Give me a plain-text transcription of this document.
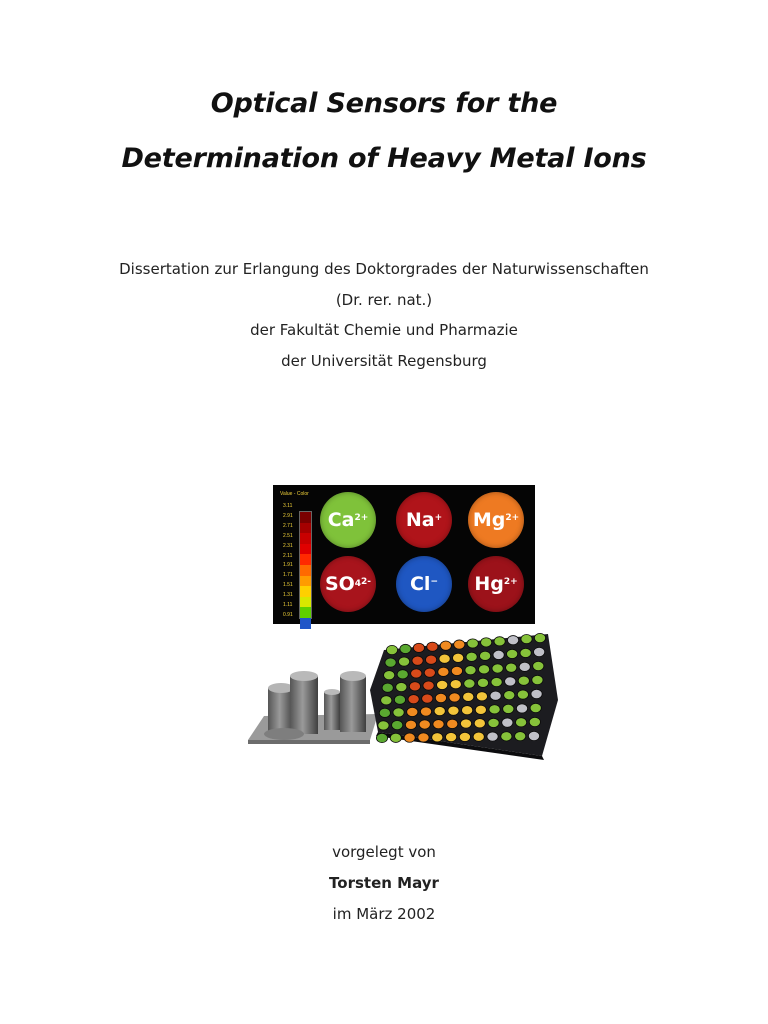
Optical Sensors for the
Determination of Heavy Metal Ions
Dissertation zur Erlangung des Doktorgrades der Naturwissenschaften
(Dr. rer. nat.)
der Fakultät Chemie und Pharmazie
der Universität Regensburg
Value - Color
3.11
2.91
2.71
2.51
2.31
2.11
1.91
1.71
1.51
1.31
1.11
0.91
$Ca^{2+}$ Na+ $Mg^{2+}$
SO $4^{2-}$ Cl− $Hg^{2+}$
vorgelegt von
Torsten Mayr
im März 2002
